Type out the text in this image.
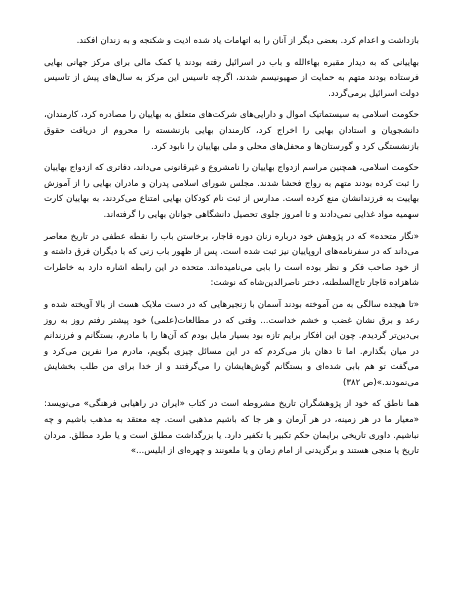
بازداشت و اعدام کرد. بعضی دیگر از آنان را به اتهامات یاد شده اذیت و شکنجه و به زندان افکند.

بهاییانی که به دیدار مقبره بهاءالله و باب در اسرائیل رفته بودند یا کمک مالی برای مرکز جهانی بهایی فرستاده بودند متهم به حمایت از صهیونیسم شدند، اگرچه تاسیس این مرکز به سال‌های پیش از تاسیس دولت اسرائیل برمی‌گردد.

حکومت اسلامی به سیستماتیک اموال و دارایی‌های شرکت‌های متعلق به بهاییان را مصادره کرد، کارمندان، دانشجویان و استادان بهایی را اخراج کرد، کارمندان بهایی بازنشسته را محروم از دریافت حقوق بازنشستگی کرد و گورستان‌ها و محفل‌های محلی و ملی بهاییان را نابود کرد.

حکومت اسلامی، همچنین مراسم ازدواج بهاییان را نامشروع و غیرقانونی می‌داند، دفاتری که ازدواج بهاییان را ثبت کرده بودند متهم به رواج فحشا شدند. مجلس شورای اسلامی پدران و مادران بهایی را از آموزش بهاییت به فرزندانشان منع کرده است. مدارس از ثبت نام کودکان بهایی امتناع می‌کردند، به بهاییان کارت سهمیه مواد غذایی نمی‌دادند و تا امروز جلوی تحصیل دانشگاهی جوانان بهایی را گرفته‌اند.

«نگار متحده» که در پژوهش خود درباره زنان دوره قاجار، برخاستن باب را نقطه عطفی در تاریخ معاصر می‌داند که در سفرنامه‌های اروپاییان نیز ثبت شده است. پس از ظهور باب زنی که با دیگران فرق داشته و از خود صاحب فکر و نظر بوده است را بابی می‌نامیده‌اند. متحده در این رابطه اشاره دارد به خاطرات شاهزاده قاجار تاج‌السلطنه، دختر ناصرالدین‌شاه که نوشت:

«تا هیجده سالگی به من آموخته بودند آسمان با زنجیرهایی که در دست ملایک هست از بالا آویخته شده و رعد و برق نشان غضب و خشم خداست... وقتی که در مطالعات(علمی) خود پیشتر رفتم روز به روز بی‌دین‌تر گردیدم. چون این افکار برایم تازه بود بسیار مایل بودم که آن‌ها را با مادرم، بستگانم و فرزندانم در میان بگذارم. اما تا دهان باز می‌کردم که در این مسائل چیزی بگویم، مادرم مرا نفرین می‌کرد و می‌گفت تو هم بابی شده‌ای و بستگانم گوش‌هایشان را می‌گرفتند و از خدا برای من طلب بخشایش می‌نمودند.»(ص ۳۸۲)

هما ناطق که خود از پژوهشگران تاریخ مشروطه است در کتاب «ایران در راهیابی فرهنگی» می‌نویسد: «معیار ما در هر زمینه، در هر آرمان و هر جا که باشیم مذهبی است. چه معتقد به مذهب باشیم و چه نباشیم. داوری تاریخی برایمان حکم تکبیر یا تکفیر دارد. یا بزرگداشت مطلق است و یا طرد مطلق. مردان تاریخ یا منجی هستند و برگزیدنی از امام زمان و یا ملعونند و چهره‌ای از ابلیس...»
